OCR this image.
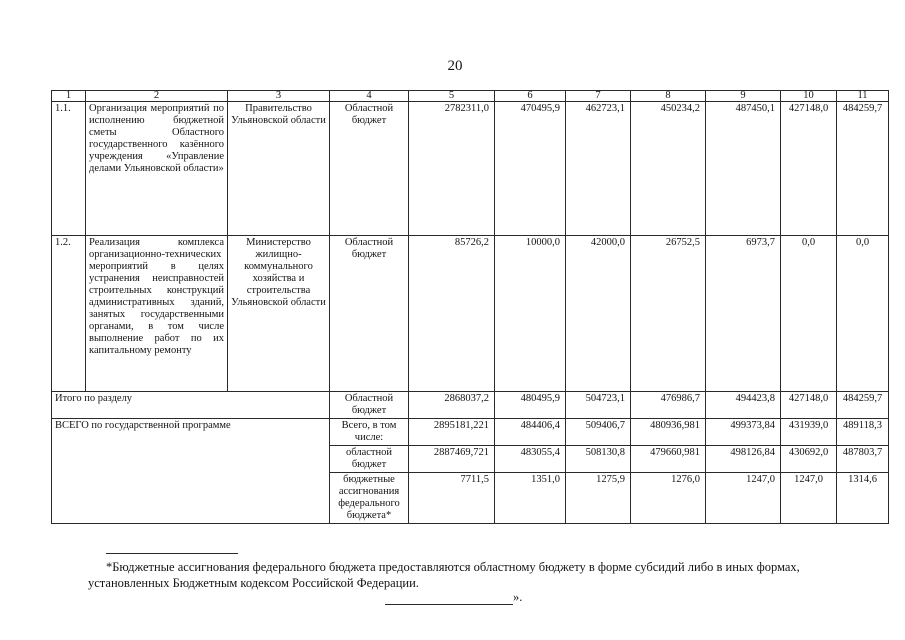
20
1	2	3	4	5	6	7	8	9	10	11
1.1.	Организация мероприятий по исполнению бюджетной сметы Областного государственного казённого учреждения «Управление делами Ульяновской области»	Правительство Ульяновской области	Областной бюджет	2782311,0	470495,9	462723,1	450234,2	487450,1	427148,0	484259,7
1.2.	Реализация комплекса организационно-технических мероприятий в целях устранения неисправностей строительных конструкций административных зданий, занятых государственными органами, в том числе выполнение работ по их капитальному ремонту	Министерство жилищно-коммунального хозяйства и строительства Ульяновской области	Областной бюджет	85726,2	10000,0	42000,0	26752,5	6973,7	0,0	0,0
Итого по разделу			Областной бюджет	2868037,2	480495,9	504723,1	476986,7	494423,8	427148,0	484259,7
ВСЕГО по государственной программе			Всего, в том числе:	2895181,221	484406,4	509406,7	480936,981	499373,84	431939,0	489118,3
			областной бюджет	2887469,721	483055,4	508130,8	479660,981	498126,84	430692,0	487803,7
			бюджетные ассигнования федерального бюджета*	7711,5	1351,0	1275,9	1276,0	1247,0	1247,0	1314,6

*Бюджетные ассигнования федерального бюджета предоставляются областному бюджету в форме субсидий либо в иных формах,

установленных Бюджетным кодексом Российской Федерации.

».
